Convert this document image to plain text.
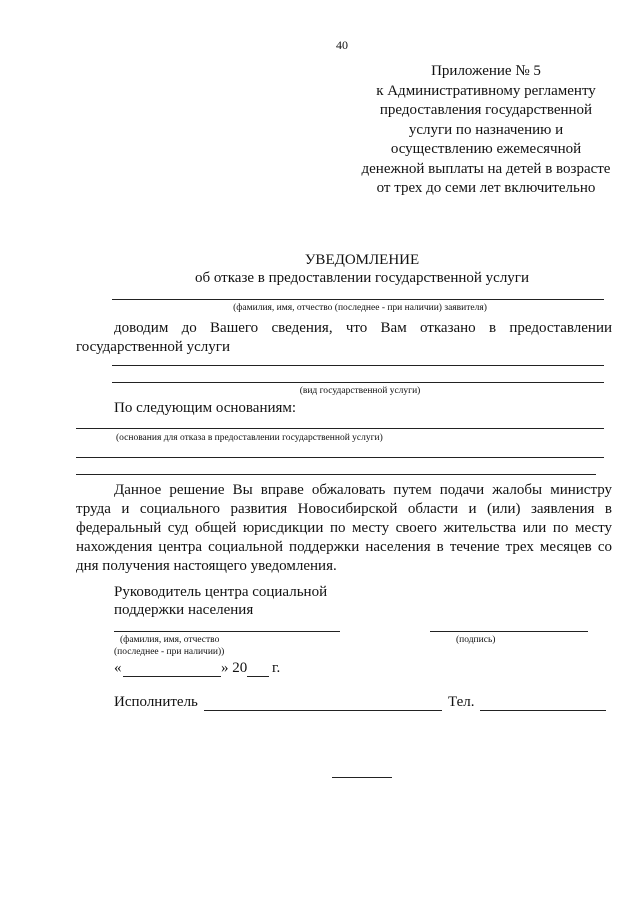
40
Приложение № 5
к Административному регламенту
предоставления государственной
услуги по назначению и
осуществлению ежемесячной
денежной выплаты на детей в возрасте
от трех до семи лет включительно
УВЕДОМЛЕНИЕ
об отказе в предоставлении государственной услуги
(фамилия, имя, отчество (последнее - при наличии) заявителя)
доводим до Вашего сведения, что Вам отказано в предоставлении государственной услуги
(вид государственной услуги)
По следующим основаниям:
(основания для отказа в предоставлении государственной услуги)
Данное решение Вы вправе обжаловать путем подачи жалобы министру труда и социального развития Новосибирской области и (или) заявления в федеральный суд общей юрисдикции по месту своего жительства или по месту нахождения центра социальной поддержки населения в течение трех месяцев со дня получения настоящего уведомления.
Руководитель центра социальной
поддержки населения
(фамилия, имя, отчество	(подпись)
(последнее - при наличии))
«	» 20 г.
Исполнитель	Тел.
